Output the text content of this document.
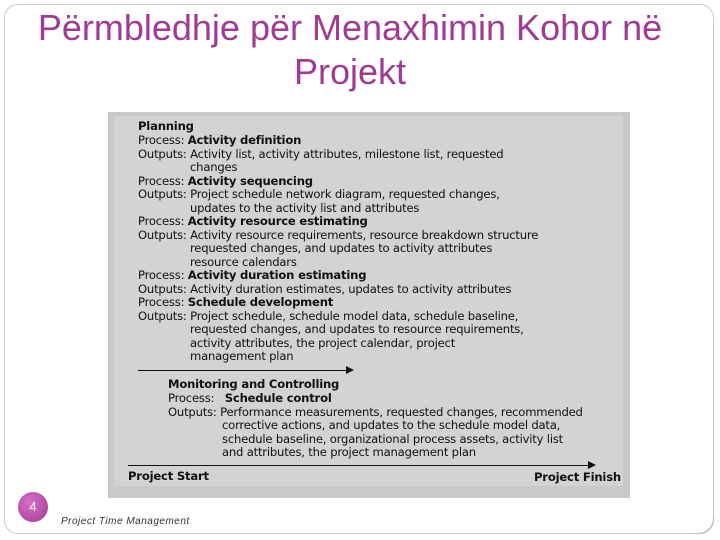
Përmbledhje për Menaxhimin Kohor në Projekt
Planning
Process: Activity definition
Outputs: Activity list, activity attributes, milestone list, requested
changes
Process: Activity sequencing
Outputs: Project schedule network diagram, requested changes,
updates to the activity list and attributes
Process: Activity resource estimating
Outputs: Activity resource requirements, resource breakdown structure
requested changes, and updates to activity attributes
resource calendars
Process: Activity duration estimating
Outputs: Activity duration estimates, updates to activity attributes
Process: Schedule development
Outputs: Project schedule, schedule model data, schedule baseline,
requested changes, and updates to resource requirements,
activity attributes, the project calendar, project
management plan
Monitoring and Controlling
Process:   Schedule control
Outputs: Performance measurements, requested changes, recommended
corrective actions, and updates to the schedule model data,
schedule baseline, organizational process assets, activity list
and attributes, the project management plan
Project Start	Project Finish
4
Project Time Management
